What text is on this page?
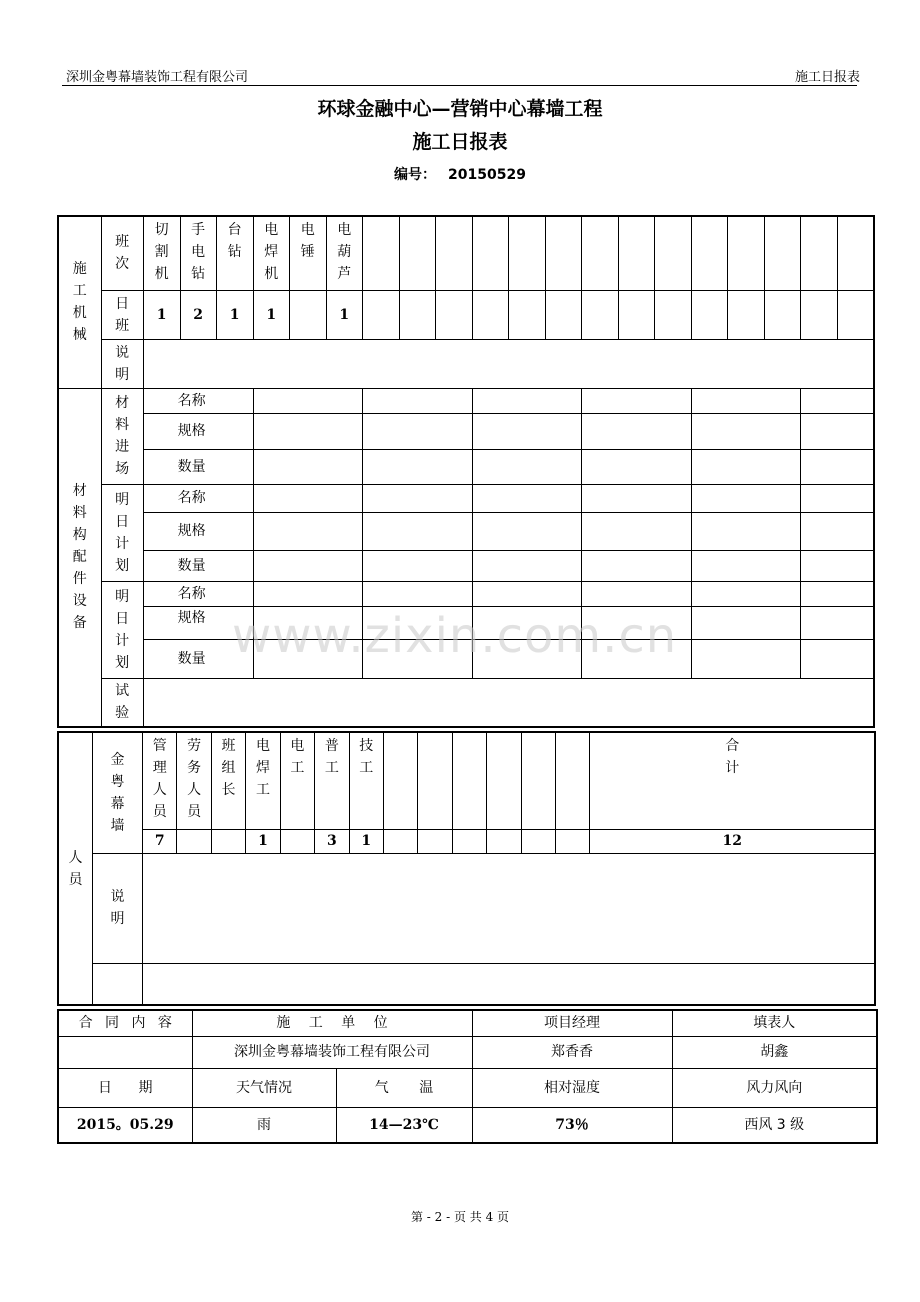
深圳金粤幕墙装饰工程有限公司	施工日报表
环球金融中心—营销中心幕墙工程
施工日报表
编号： 20150529
施工机械	班次	切割机	手电钻	台钻	电焊机	电锤	电葫芦														
	日班	1	2	1	1		1														
	说明																				
材料构配件设备	材料进场	名称																			
		规格																			
		数量																			
	明日计划	名称																			
		规格																			
		数量																			
	明日计划	名称																			
		规格																			
		数量																			
	试验																				
人员	金粤幕墙	管理人员	劳务人员	班组长	电焊工	电工	普工	技工							合计
		7			1		3	1							12
	说明														

合 同 内 容	施 工 单 位		项目经理	填表人
	深圳金粤幕墙装饰工程有限公司		郑香香	胡鑫
日 期	天气情况	气 温	相对湿度	风力风向
2015。05.29	雨	14—23℃	73％	西风 3 级
www.zixin.com.cn
第 - 2 - 页 共 4 页
